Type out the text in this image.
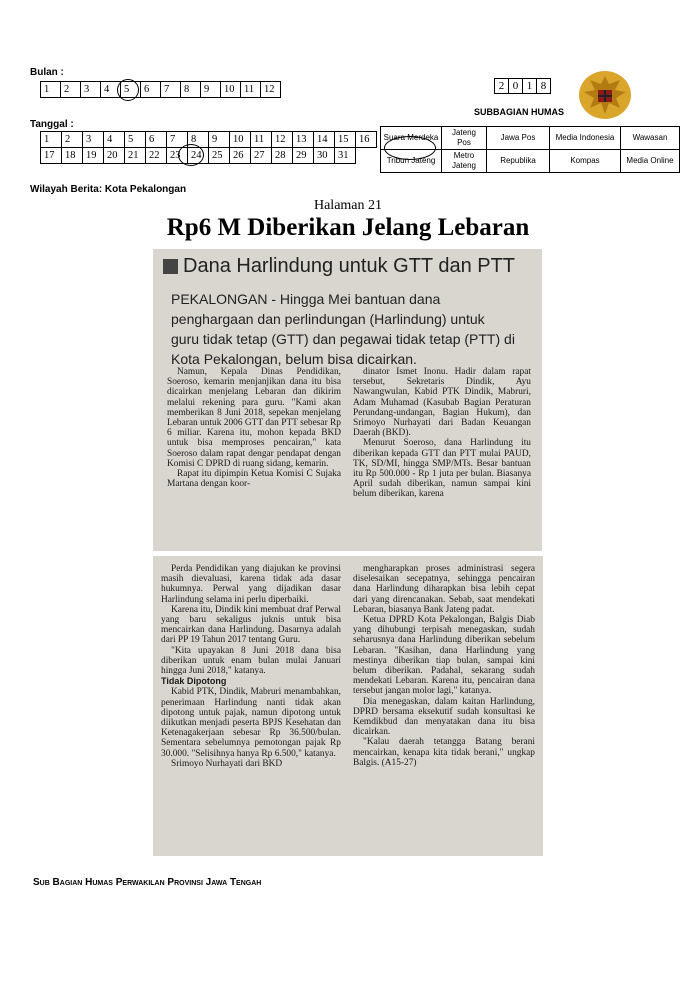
Bulan :
1	2	3	4	5	6	7	8	9	10	11	12
Tanggal :
1	2	3	4	5	6	7	8	9	10	11	12	13	14	15	16
17	18	19	20	21	22	23	24	25	26	27	28	29	30	31	
2	0	1	8
SUBBAGIAN HUMAS
Suara Merdeka	Jateng Pos	Jawa Pos	Media Indonesia	Wawasan
Tribun Jateng	Metro Jateng	Republika	Kompas	Media Online
Wilayah Berita: Kota Pekalongan
Halaman 21
Rp6 M Diberikan Jelang Lebaran
Dana Harlindung untuk GTT dan PTT
PEKALONGAN - Hingga Mei bantuan dana penghargaan dan perlindungan (Harlindung) untuk guru tidak tetap (GTT) dan pegawai tidak tetap (PTT) di Kota Pekalongan, belum bisa dicairkan.

Namun, Kepala Dinas Pendidikan, Soeroso, kemarin menjanjikan dana itu bisa dicairkan menjelang Lebaran dan dikirim melalui rekening para guru. "Kami akan memberikan 8 Juni 2018, sepekan menjelang Lebaran untuk 2006 GTT dan PTT sebesar Rp 6 miliar. Karena itu, mohon kepada BKD untuk bisa memproses pencairan," kata Soeroso dalam rapat dengar pendapat dengan Komisi C DPRD di ruang sidang, kemarin.

Rapat itu dipimpin Ketua Komisi C Sujaka Martana dengan koor-

dinator Ismet Inonu. Hadir dalam rapat tersebut, Sekretaris Dindik, Ayu Nawangwulan, Kabid PTK Dindik, Mabruri, Adam Muhamad (Kasubab Bagian Peraturan Perundang-undangan, Bagian Hukum), dan Srimoyo Nurhayati dari Badan Keuangan Daerah (BKD).

Menurut Soeroso, dana Harlindung itu diberikan kepada GTT dan PTT mulai PAUD, TK, SD/MI, hingga SMP/MTs. Besar bantuan itu Rp 500.000 - Rp 1 juta per bulan. Biasanya April sudah diberikan, namun sampai kini belum diberikan, karena

Perda Pendidikan yang diajukan ke provinsi masih dievaluasi, karena tidak ada dasar hukumnya. Perwal yang dijadikan dasar Harlindung selama ini perlu diperbaiki.

Karena itu, Dindik kini membuat draf Perwal yang baru sekaligus juknis untuk bisa mencairkan dana Harlindung. Dasarnya adalah dari PP 19 Tahun 2017 tentang Guru.

"Kita upayakan 8 Juni 2018 dana bisa diberikan untuk enam bulan mulai Januari hingga Juni 2018," katanya.

Tidak Dipotong

Kabid PTK, Dindik, Mabruri menambahkan, penerimaan Harlindung nanti tidak akan dipotong untuk pajak, namun dipotong untuk diikutkan menjadi peserta BPJS Kesehatan dan Ketenagakerjaan sebesar Rp 36.500/bulan. Sementara sebelumnya pemotongan pajak Rp 30.000. "Selisihnya hanya Rp 6.500," katanya.

Srimoyo Nurhayati dari BKD

mengharapkan proses administrasi segera diselesaikan secepatnya, sehingga pencairan dana Harlindung diharapkan bisa lebih cepat dari yang direncanakan. Sebab, saat mendekati Lebaran, biasanya Bank Jateng padat.

Ketua DPRD Kota Pekalongan, Balgis Diab yang dihubungi terpisah menegaskan, sudah seharusnya dana Harlindung diberikan sebelum Lebaran. "Kasihan, dana Harlindung yang mestinya diberikan tiap bulan, sampai kini belum diberikan. Padahal, sekarang sudah mendekati Lebaran. Karena itu, pencairan dana tersebut jangan molor lagi," katanya.

Dia menegaskan, dalam kaitan Harlindung, DPRD bersama eksekutif sudah konsultasi ke Kemdikbud dan menyatakan dana itu bisa dicairkan.

"Kalau daerah tetangga Batang berani mencairkan, kenapa kita tidak berani," ungkap Balgis. (A15-27)

Sub Bagian Humas Perwakilan Provinsi Jawa Tengah
